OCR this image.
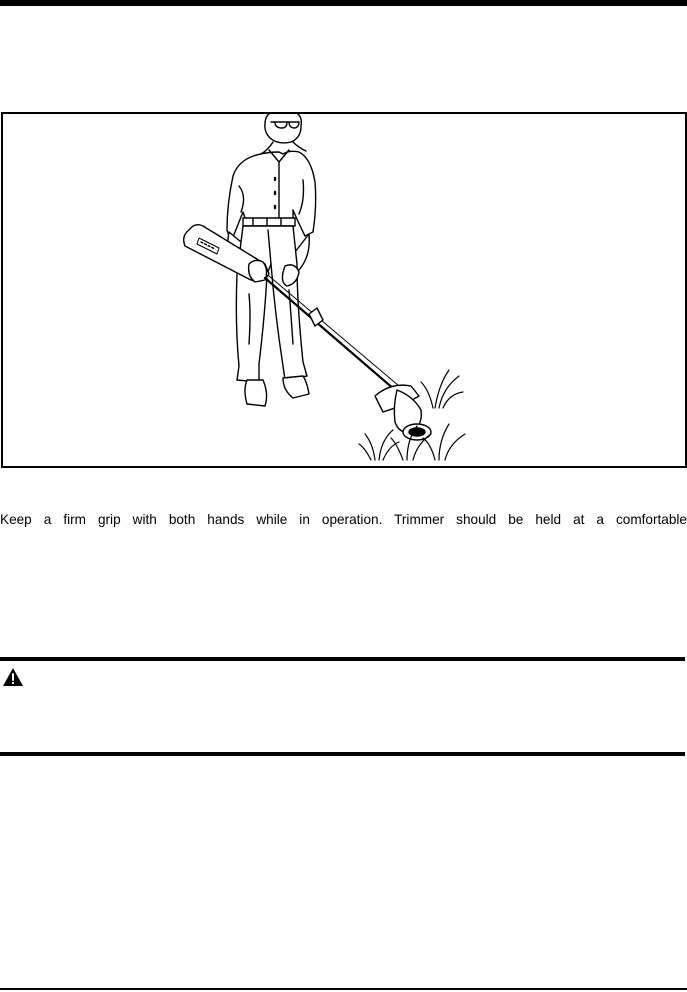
Keep a firm grip with both hands while in operation. Trimmer should be held at a comfortable
